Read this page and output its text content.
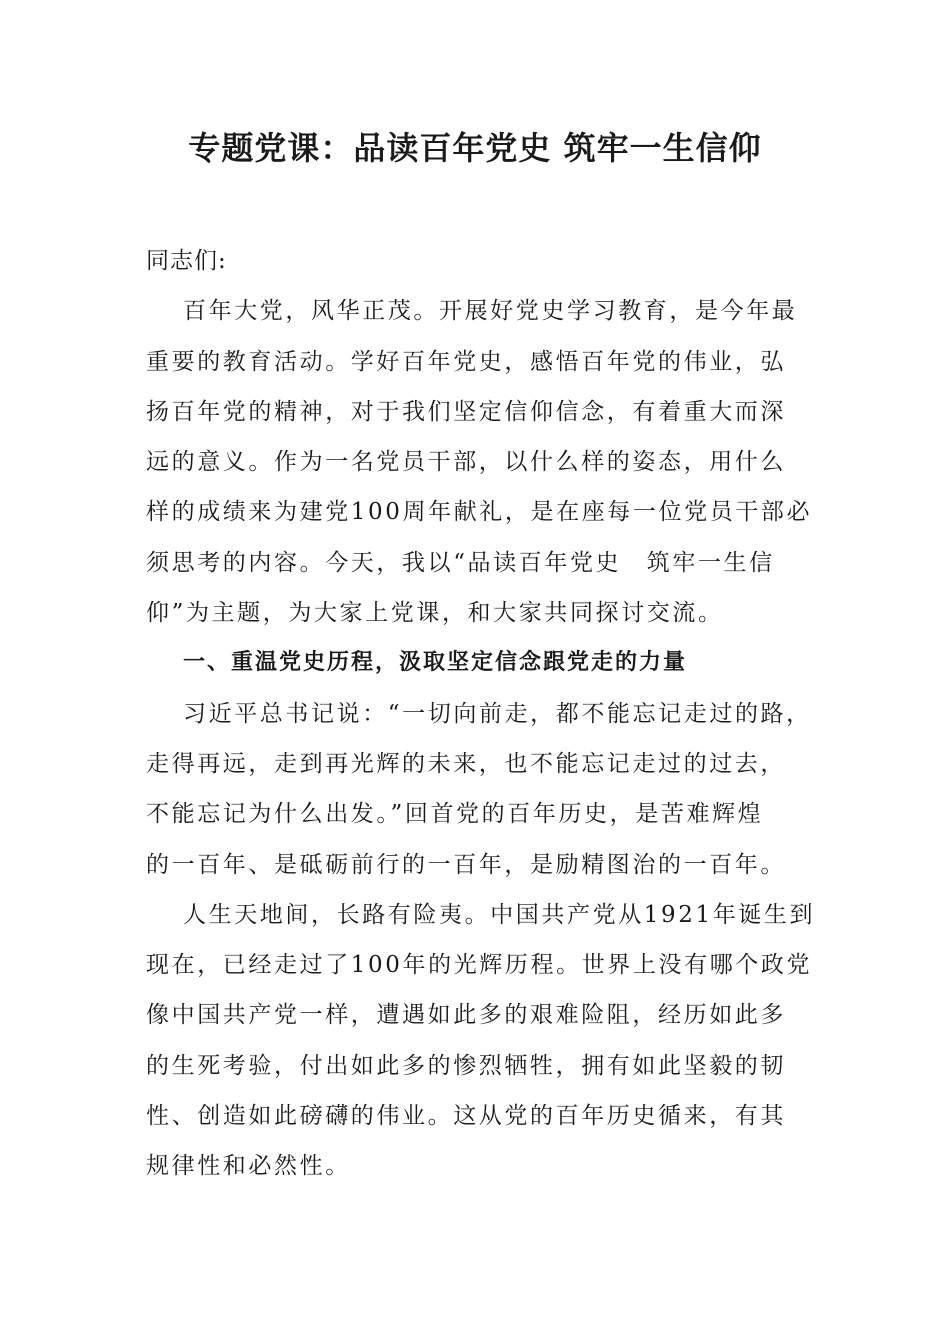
专题党课：品读百年党史 筑牢一生信仰
同志们:
百年大党，风华正茂。开展好党史学习教育，是今年最
重要的教育活动。学好百年党史，感悟百年党的伟业，弘
扬百年党的精神，对于我们坚定信仰信念，有着重大而深
远的意义。作为一名党员干部，以什么样的姿态，用什么
样的成绩来为建党100周年献礼，是在座每一位党员干部必
须思考的内容。今天，我以“品读百年党史　筑牢一生信
仰”为主题，为大家上党课，和大家共同探讨交流。
一、重温党史历程，汲取坚定信念跟党走的力量
习近平总书记说：“一切向前走，都不能忘记走过的路，
走得再远，走到再光辉的未来，也不能忘记走过的过去，
不能忘记为什么出发。”回首党的百年历史，是苦难辉煌
的一百年、是砥砺前行的一百年，是励精图治的一百年。
人生天地间，长路有险夷。中国共产党从1921年诞生到
现在，已经走过了100年的光辉历程。世界上没有哪个政党
像中国共产党一样，遭遇如此多的艰难险阻，经历如此多
的生死考验，付出如此多的惨烈牺牲，拥有如此坚毅的韧
性、创造如此磅礴的伟业。这从党的百年历史循来，有其
规律性和必然性。
